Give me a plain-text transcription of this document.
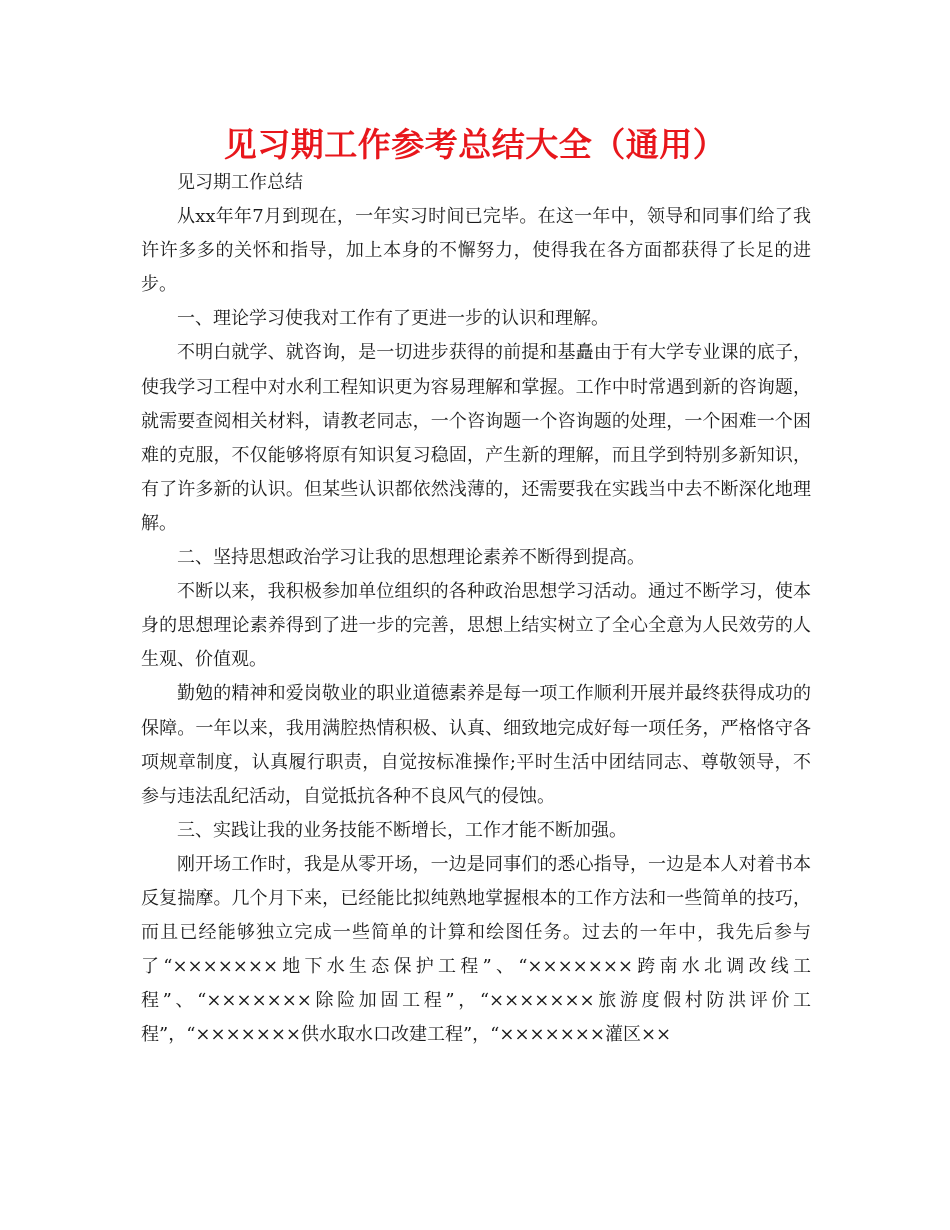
见习期工作参考总结大全（通用）

见习期工作总结

从xx年年7月到现在，一年实习时间已完毕。在这一年中，领导和同事们给了我许许多多的关怀和指导，加上本身的不懈努力，使得我在各方面都获得了长足的进步。

一、理论学习使我对工作有了更进一步的认识和理解。

不明白就学、就咨询，是一切进步获得的前提和基矗由于有大学专业课的底子，使我学习工程中对水利工程知识更为容易理解和掌握。工作中时常遇到新的咨询题，就需要查阅相关材料，请教老同志，一个咨询题一个咨询题的处理，一个困难一个困难的克服，不仅能够将原有知识复习稳固，产生新的理解，而且学到特别多新知识，有了许多新的认识。但某些认识都依然浅薄的，还需要我在实践当中去不断深化地理解。

二、坚持思想政治学习让我的思想理论素养不断得到提高。

不断以来，我积极参加单位组织的各种政治思想学习活动。通过不断学习，使本身的思想理论素养得到了进一步的完善，思想上结实树立了全心全意为人民效劳的人生观、价值观。

勤勉的精神和爱岗敬业的职业道德素养是每一项工作顺利开展并最终获得成功的保障。一年以来，我用满腔热情积极、认真、细致地完成好每一项任务，严格恪守各项规章制度，认真履行职责，自觉按标准操作;平时生活中团结同志、尊敬领导，不参与违法乱纪活动，自觉抵抗各种不良风气的侵蚀。

三、实践让我的业务技能不断增长，工作才能不断加强。

刚开场工作时，我是从零开场，一边是同事们的悉心指导，一边是本人对着书本反复揣摩。几个月下来，已经能比拟纯熟地掌握根本的工作方法和一些简单的技巧，而且已经能够独立完成一些简单的计算和绘图任务。过去的一年中，我先后参与了“×××××××地下水生态保护工程”、“×××××××跨南水北调改线工程”、“×××××××除险加固工程”，“×××××××旅游度假村防洪评价工程”，“×××××××供水取水口改建工程”，“×××××××灌区××
